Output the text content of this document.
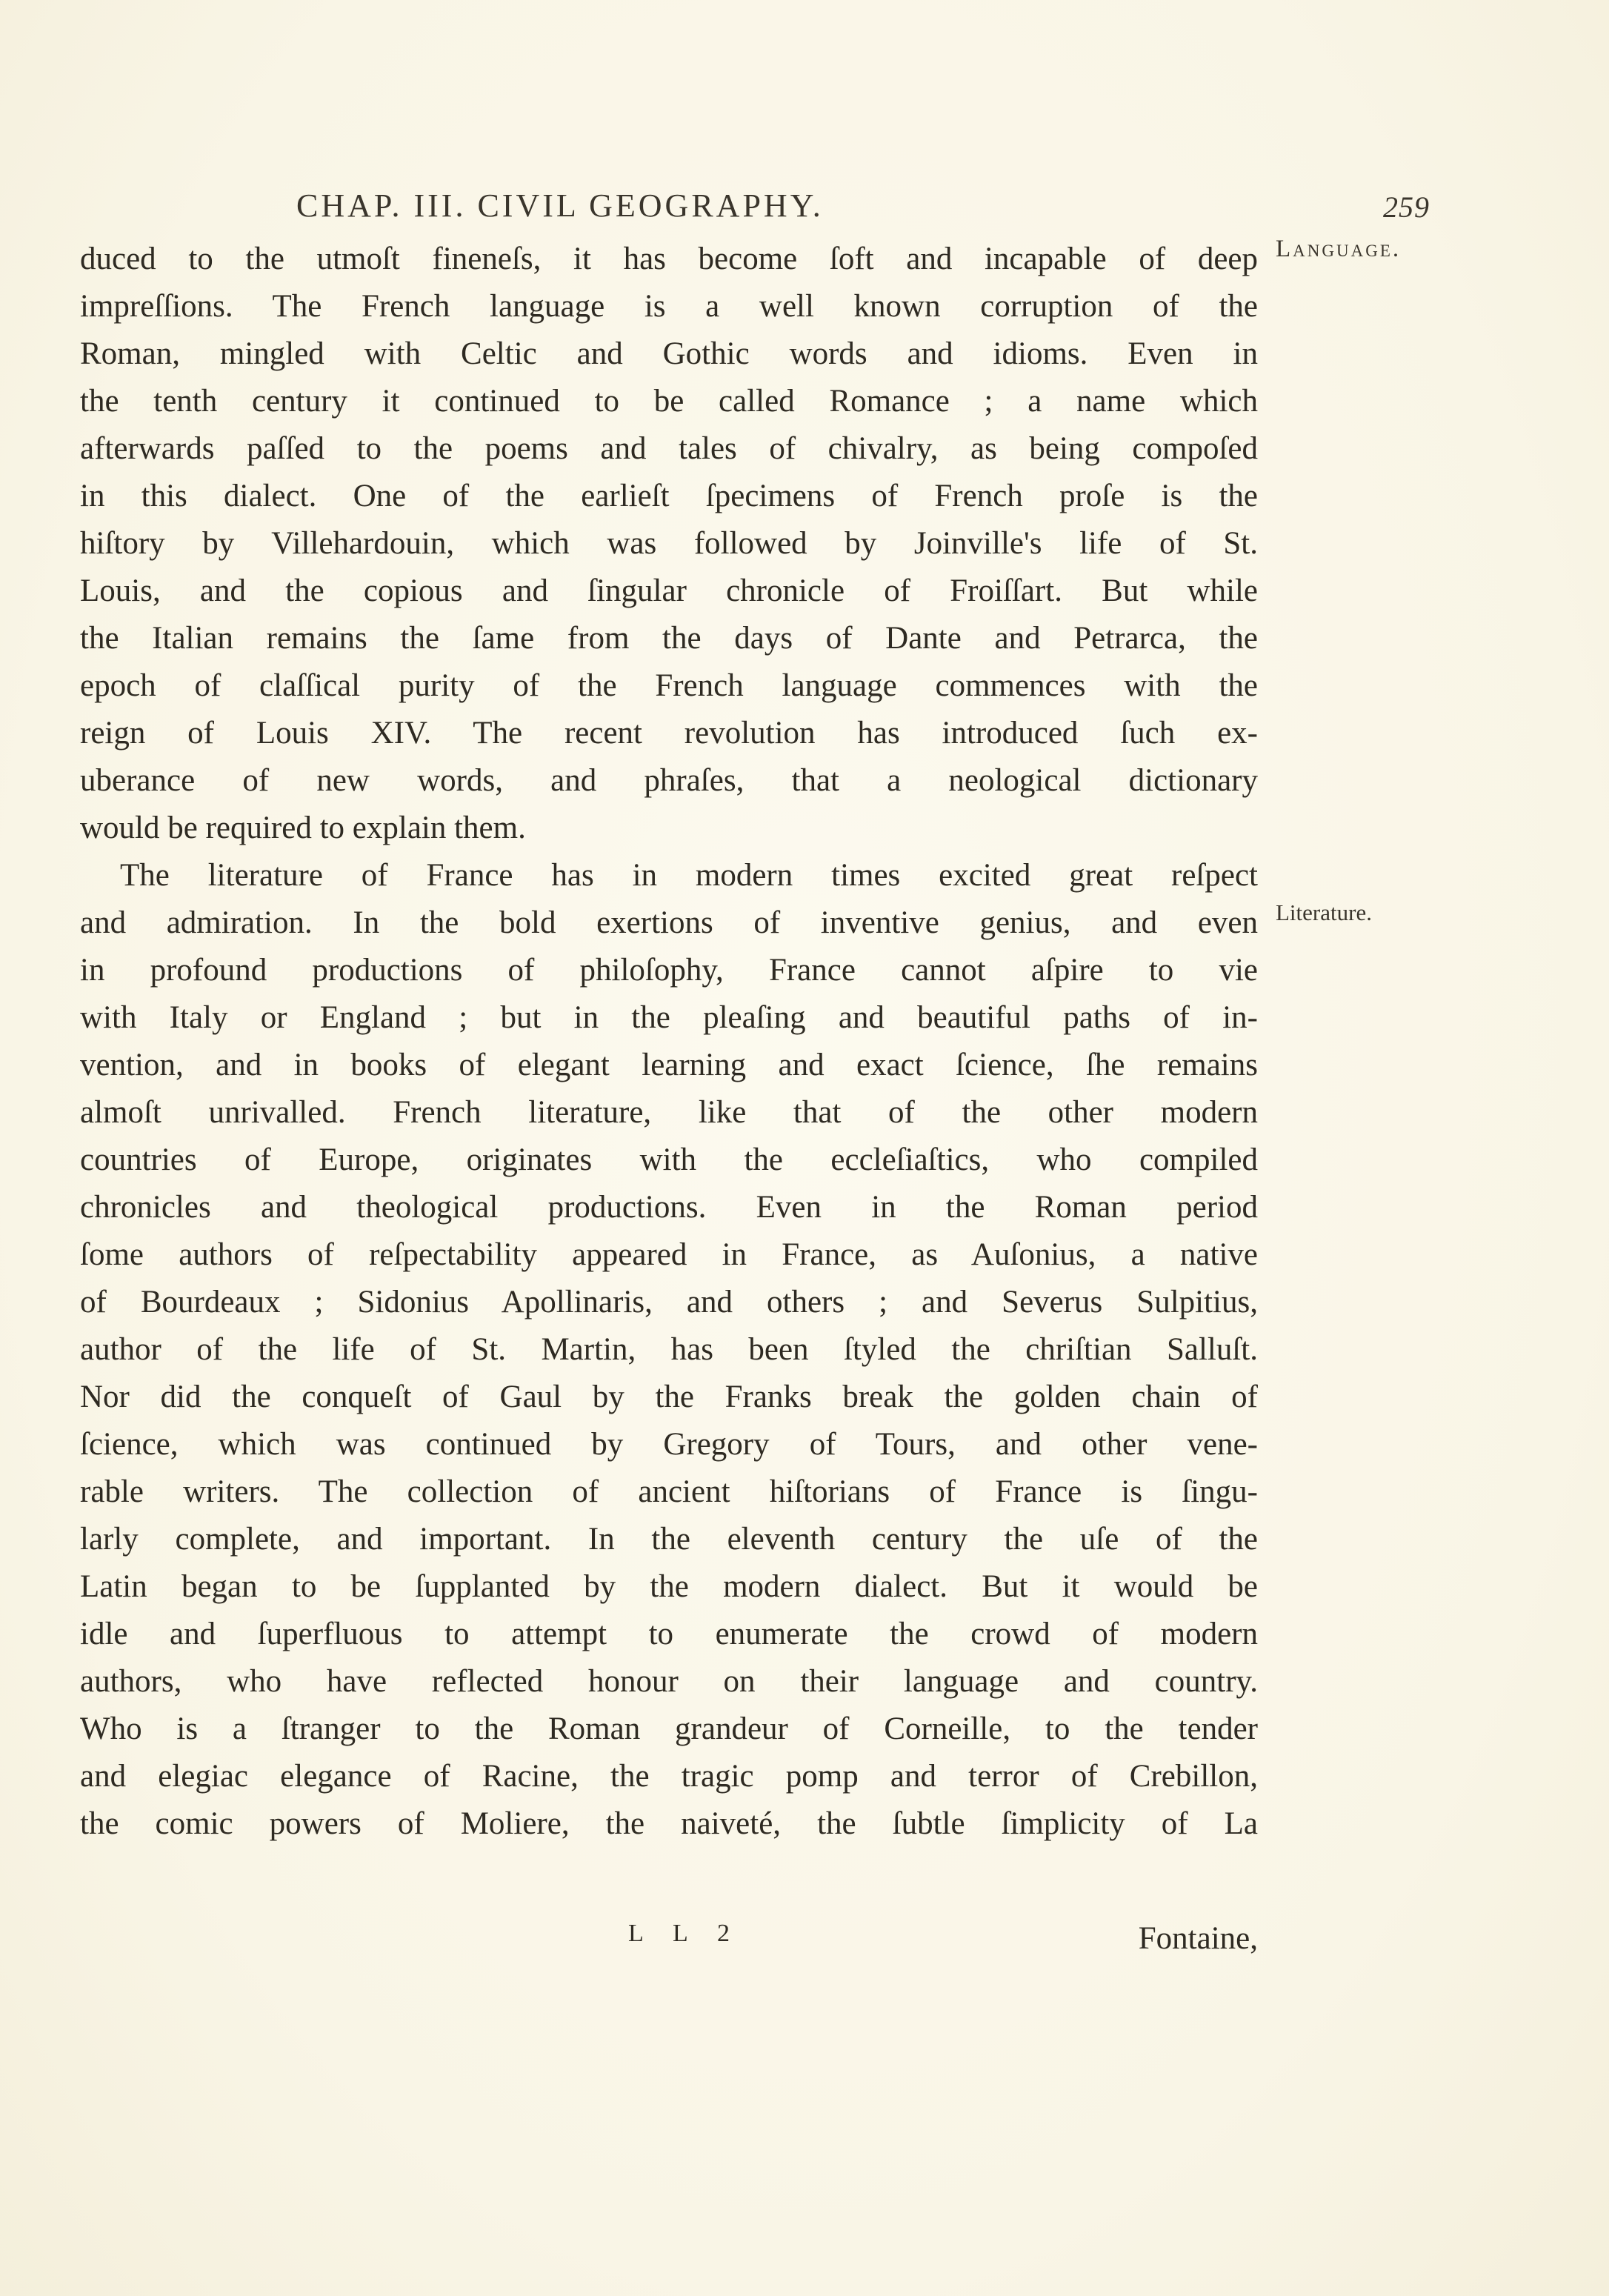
CHAP. III. CIVIL GEOGRAPHY.	259
Language.
Literature.
duced to the utmoſt fineneſs, it has become ſoft and incapable of deep
impreſſions. The French language is a well known corruption of the
Roman, mingled with Celtic and Gothic words and idioms. Even in
the tenth century it continued to be called Romance ; a name which
afterwards paſſed to the poems and tales of chivalry, as being compoſed
in this dialect. One of the earlieſt ſpecimens of French proſe is the
hiſtory by Villehardouin, which was followed by Joinville's life of St.
Louis, and the copious and ſingular chronicle of Froiſſart. But while
the Italian remains the ſame from the days of Dante and Petrarca, the
epoch of claſſical purity of the French language commences with the
reign of Louis XIV. The recent revolution has introduced ſuch ex-
uberance of new words, and phraſes, that a neological dictionary
would be required to explain them.
The literature of France has in modern times excited great reſpect
and admiration. In the bold exertions of inventive genius, and even
in profound productions of philoſophy, France cannot aſpire to vie
with Italy or England ; but in the pleaſing and beautiful paths of in-
vention, and in books of elegant learning and exact ſcience, ſhe remains
almoſt unrivalled. French literature, like that of the other modern
countries of Europe, originates with the eccleſiaſtics, who compiled
chronicles and theological productions. Even in the Roman period
ſome authors of reſpectability appeared in France, as Auſonius, a native
of Bourdeaux ; Sidonius Apollinaris, and others ; and Severus Sulpitius,
author of the life of St. Martin, has been ſtyled the chriſtian Salluſt.
Nor did the conqueſt of Gaul by the Franks break the golden chain of
ſcience, which was continued by Gregory of Tours, and other vene-
rable writers. The collection of ancient hiſtorians of France is ſingu-
larly complete, and important. In the eleventh century the uſe of the
Latin began to be ſupplanted by the modern dialect. But it would be
idle and ſuperfluous to attempt to enumerate the crowd of modern
authors, who have reflected honour on their language and country.
Who is a ſtranger to the Roman grandeur of Corneille, to the tender
and elegiac elegance of Racine, the tragic pomp and terror of Crebillon,
the comic powers of Moliere, the naiveté, the ſubtle ſimplicity of La
L L 2	Fontaine,
